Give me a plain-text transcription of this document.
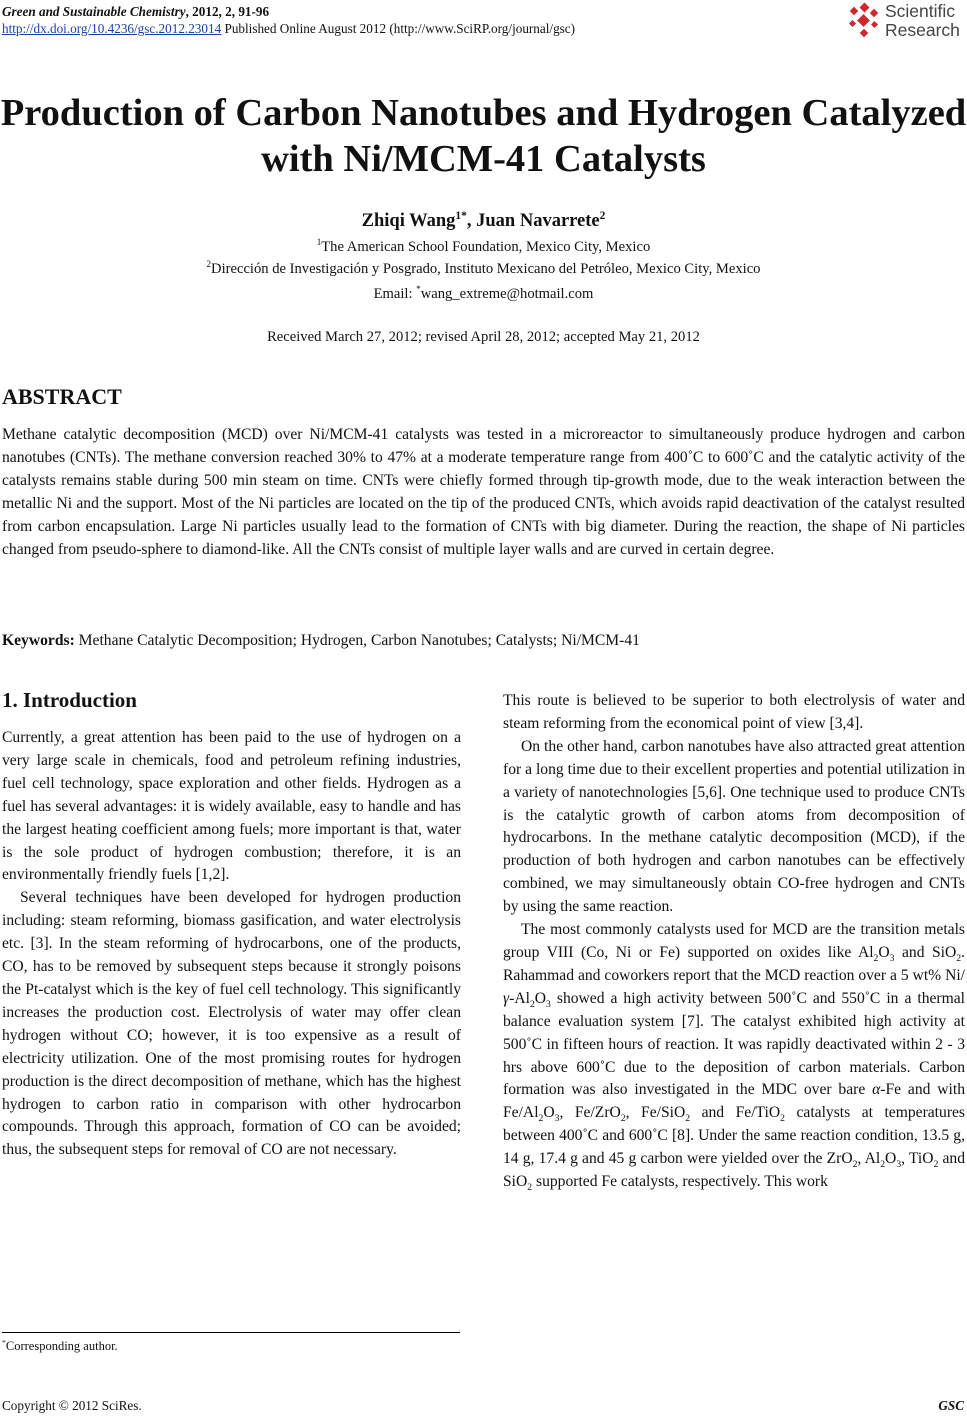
Green and Sustainable Chemistry, 2012, 2, 91-96
http://dx.doi.org/10.4236/gsc.2012.23014 Published Online August 2012 (http://www.SciRP.org/journal/gsc)
Scientific
Research
Production of Carbon Nanotubes and Hydrogen Catalyzed
with Ni/MCM-41 Catalysts
Zhiqi Wang$^{1*}$, Juan Navarrete$^2$
$^1$The American School Foundation, Mexico City, Mexico
$^2$Dirección de Investigación y Posgrado, Instituto Mexicano del Petróleo, Mexico City, Mexico
Email: *wang_extreme@hotmail.com
Received March 27, 2012; revised April 28, 2012; accepted May 21, 2012
ABSTRACT

Methane catalytic decomposition (MCD) over Ni/MCM-41 catalysts was tested in a microreactor to simultaneously produce hydrogen and carbon nanotubes (CNTs). The methane conversion reached 30% to 47% at a moderate temperature range from 400˚C to 600˚C and the catalytic activity of the catalysts remains stable during 500 min steam on time. CNTs were chiefly formed through tip-growth mode, due to the weak interaction between the metallic Ni and the support. Most of the Ni particles are located on the tip of the produced CNTs, which avoids rapid deactivation of the catalyst resulted from carbon encapsulation. Large Ni particles usually lead to the formation of CNTs with big diameter. During the reaction, the shape of Ni particles changed from pseudo-sphere to diamond-like. All the CNTs consist of multiple layer walls and are curved in certain degree.

Keywords: Methane Catalytic Decomposition; Hydrogen, Carbon Nanotubes; Catalysts; Ni/MCM-41
1. Introduction

Currently, a great attention has been paid to the use of hydrogen on a very large scale in chemicals, food and petroleum refining industries, fuel cell technology, space exploration and other fields. Hydrogen as a fuel has several advantages: it is widely available, easy to handle and has the largest heating coefficient among fuels; more important is that, water is the sole product of hydrogen combustion; therefore, it is an environmentally friendly fuels [1,2].

Several techniques have been developed for hydrogen production including: steam reforming, biomass gasification, and water electrolysis etc. [3]. In the steam reforming of hydrocarbons, one of the products, CO, has to be removed by subsequent steps because it strongly poisons the Pt-catalyst which is the key of fuel cell technology. This significantly increases the production cost. Electrolysis of water may offer clean hydrogen without CO; however, it is too expensive as a result of electricity utilization. One of the most promising routes for hydrogen production is the direct decomposition of methane, which has the highest hydrogen to carbon ratio in comparison with other hydrocarbon compounds. Through this approach, formation of CO can be avoided; thus, the subsequent steps for removal of CO are not necessary.

This route is believed to be superior to both electrolysis of water and steam reforming from the economical point of view [3,4].

On the other hand, carbon nanotubes have also attracted great attention for a long time due to their excellent properties and potential utilization in a variety of nanotechnologies [5,6]. One technique used to produce CNTs is the catalytic growth of carbon atoms from decomposition of hydrocarbons. In the methane catalytic decomposition (MCD), if the production of both hydrogen and carbon nanotubes can be effectively combined, we may simultaneously obtain CO-free hydrogen and CNTs by using the same reaction.

The most commonly catalysts used for MCD are the transition metals group VIII (Co, Ni or Fe) supported on oxides like $Al_2O_3$ and SiO$_2$. Rahammad and coworkers report that the MCD reaction over a 5 wt% $Ni/\gamma-Al_2O_3$ showed a high activity between 500˚C and 550˚C in a thermal balance evaluation system [7]. The catalyst exhibited high activity at 500˚C in fifteen hours of reaction. It was rapidly deactivated within 2 - 3 hrs above 600˚C due to the deposition of carbon materials. Carbon formation was also investigated in the MDC over bare α-Fe and with $Fe/Al_2O_3$, Fe/ZrO$_2$, Fe/SiO$_2$ and Fe/TiO$_2$ catalysts at temperatures between 400˚C and 600˚C [8]. Under the same reaction condition, 13.5 g, 14 g, 17.4 g and 45 g carbon were yielded over the ZrO$_2$, $Al_2O_3$, TiO$_2$ and SiO$_2$ supported Fe catalysts, respectively. This work

*Corresponding author.
Copyright © 2012 SciRes.	GSC
